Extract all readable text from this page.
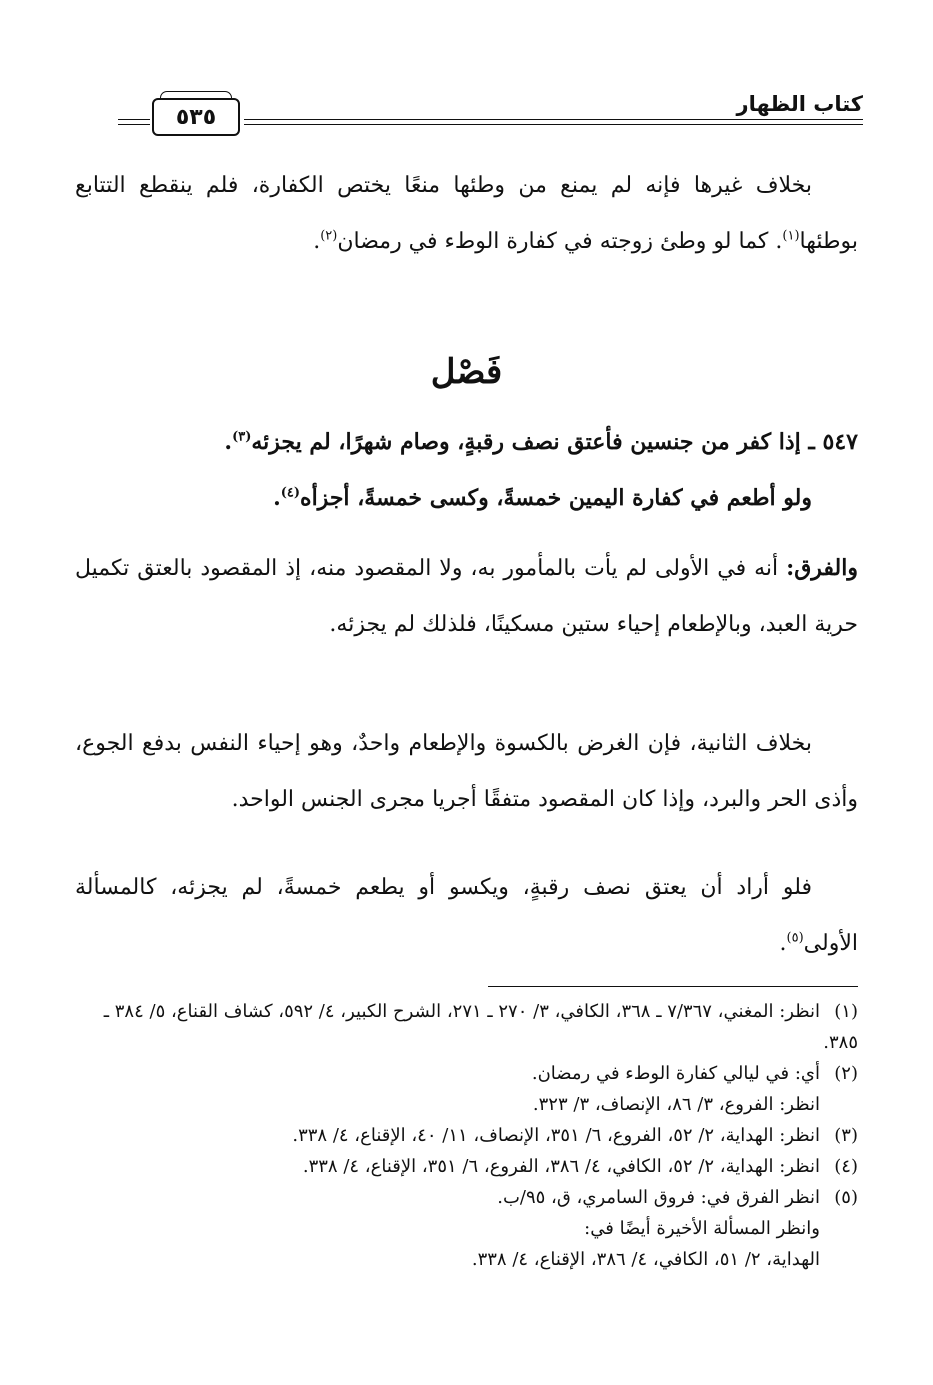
كتاب الظهار
٥٣٥

بخلاف غيرها فإنه لم يمنع من وطئها منعًا يختص الكفارة، فلم ينقطع التتابع بوطئها$^{(١)}$. كما لو وطئ زوجته في كفارة الوطء في رمضان$^{(٢)}$.

فَصْل

٥٤٧ ـ إذا كفر من جنسين فأعتق نصف رقبةٍ، وصام شهرًا، لم يجزئه$^{(٣)}$.

ولو أطعم في كفارة اليمين خمسةً، وكسى خمسةً، أجزأه$^{(٤)}$.

والفرق: أنه في الأولى لم يأت بالمأمور به، ولا المقصود منه، إذ المقصود بالعتق تكميل حرية العبد، وبالإطعام إحياء ستين مسكينًا، فلذلك لم يجزئه.

بخلاف الثانية، فإن الغرض بالكسوة والإطعام واحدٌ، وهو إحياء النفس بدفع الجوع، وأذى الحر والبرد، وإذا كان المقصود متفقًا أجريا مجرى الجنس الواحد.

فلو أراد أن يعتق نصف رقبةٍ، ويكسو أو يطعم خمسةً، لم يجزئه، كالمسألة الأولى$^{(٥)}$.

(١)انظر: المغني، ٧/٣٦٧ ـ ٣٦٨، الكافي، ٣/ ٢٧٠ ـ ٢٧١، الشرح الكبير، ٤/ ٥٩٢، كشاف القناع، ٥/ ٣٨٤ ـ ٣٨٥.

(٢)أي: في ليالي كفارة الوطء في رمضان.

انظر: الفروع، ٣/ ٨٦، الإنصاف، ٣/ ٣٢٣.

(٣)انظر: الهداية، ٢/ ٥٢، الفروع، ٦/ ٣٥١، الإنصاف، ١١/ ٤٠، الإقناع، ٤/ ٣٣٨.

(٤)انظر: الهداية، ٢/ ٥٢، الكافي، ٤/ ٣٨٦، الفروع، ٦/ ٣٥١، الإقناع، ٤/ ٣٣٨.

(٥)انظر الفرق في: فروق السامري، ق، ٩٥/ب.

وانظر المسألة الأخيرة أيضًا في:

الهداية، ٢/ ٥١، الكافي، ٤/ ٣٨٦، الإقناع، ٤/ ٣٣٨.
